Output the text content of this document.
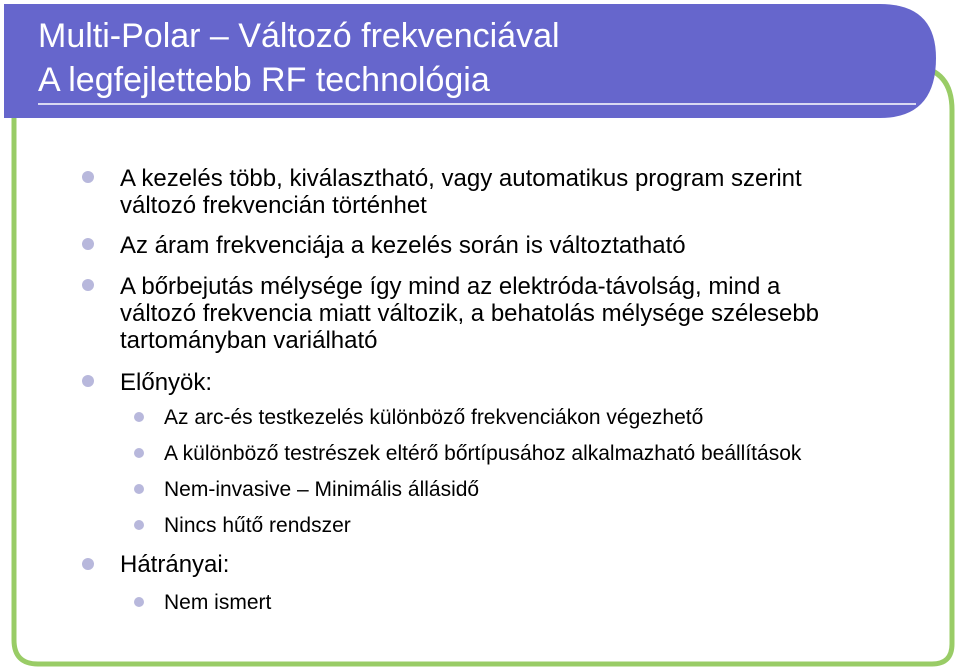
Multi-Polar – Változó frekvenciával
A legfejlettebb RF technológia
A kezelés több, kiválasztható, vagy automatikus program szerint
változó frekvencián történhet
Az áram frekvenciája a kezelés során is változtatható
A bőrbejutás mélysége így mind az elektróda-távolság, mind a
változó frekvencia miatt változik, a behatolás mélysége szélesebb
tartományban variálható
Előnyök:
Az arc-és testkezelés különböző frekvenciákon végezhető
A különböző testrészek eltérő bőrtípusához alkalmazható beállítások
Nem-invasive – Minimális állásidő
Nincs hűtő rendszer
Hátrányai:
Nem ismert
